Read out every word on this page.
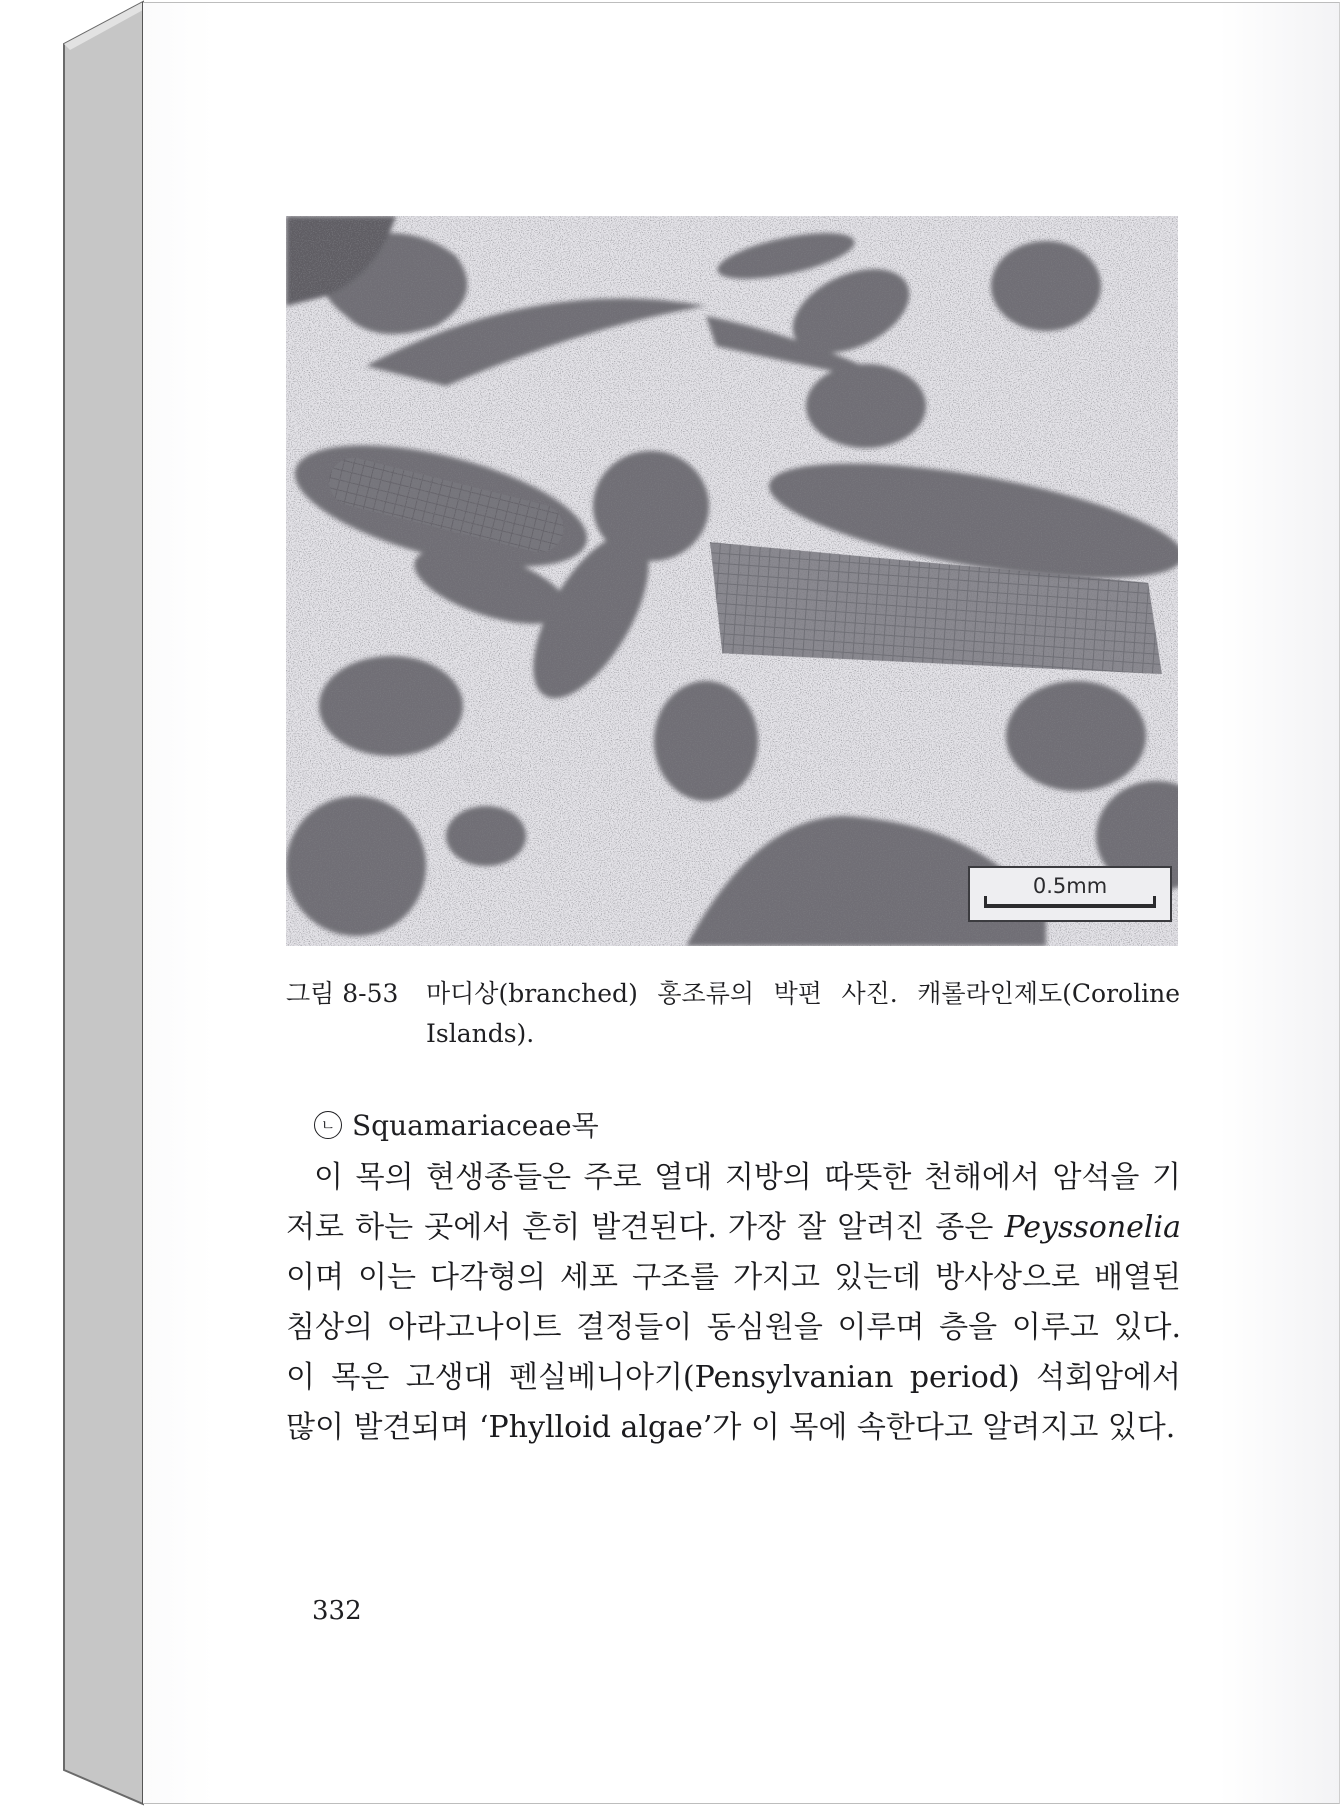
0.5mm
그림 8-53	마디상(branched) 홍조류의 박편 사진. 캐롤라인제도(Coroline Islands).
ㄴ Squamariaceae목

이 목의 현생종들은 주로 열대 지방의 따뜻한 천해에서 암석을 기저로 하는 곳에서 흔히 발견된다. 가장 잘 알려진 종은 Peyssonelia이며 이는 다각형의 세포 구조를 가지고 있는데 방사상으로 배열된 침상의 아라고나이트 결정들이 동심원을 이루며 층을 이루고 있다. 이 목은 고생대 펜실베니아기(Pensylvanian period) 석회암에서 많이 발견되며 ‘Phylloid algae’가 이 목에 속한다고 알려지고 있다.

332
